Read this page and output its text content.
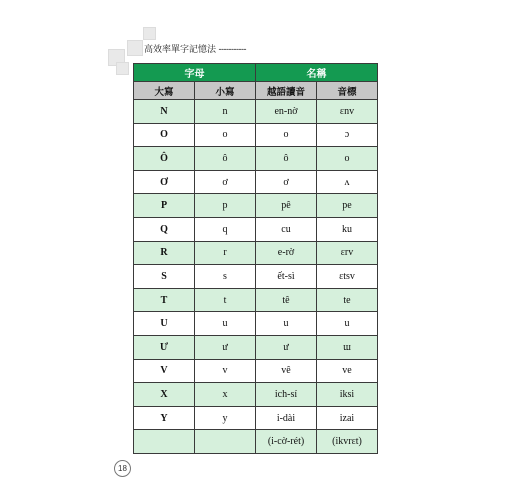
高效率單字記憶法 -----------
字母		名稱	
大寫	小寫	越語讀音	音標
N	n	en-nờ	ɛnv
O	o	o	ɔ
Ô	ô	ô	o
Ơ	ơ	ơ	ʌ
P	p	pê	pe
Q	q	cu	ku
R	r	e-rờ	ɛrv
S	s	ết-sì	ɛtsv
T	t	tê	te
U	u	u	u
Ư	ư	ư	ɯ
V	v	vê	ve
X	x	ich-sí	iksi
Y	y	i-dài	izai
		(i-cờ-rét)	(ikvrɛt)
18
